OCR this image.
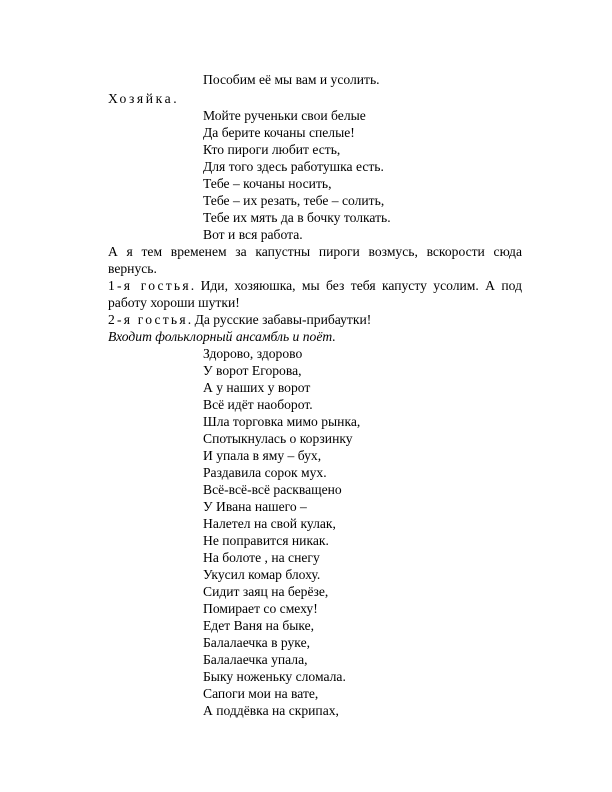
Пособим её мы вам и усолить.
Хозяйка.
Мойте рученьки свои белые
Да берите кочаны спелые!
Кто пироги любит есть,
Для того здесь работушка есть.
Тебе – кочаны носить,
Тебе – их резать, тебе – солить,
Тебе их мять да в бочку толкать.
Вот и вся работа.
А я тем временем за капустны пироги возмусь, вскорости сюда
вернусь.
1-я гостья. Иди, хозяюшка, мы без тебя капусту усолим. А под
работу хороши шутки!
2-я гостья. Да русские забавы-прибаутки!
Входит фольклорный ансамбль и поёт.
Здорово, здорово
У ворот Егорова,
А у наших у ворот
Всё идёт наоборот.
Шла торговка мимо рынка,
Спотыкнулась о корзинку
И упала в яму – бух,
Раздавила сорок мух.
Всё-всё-всё раскващено
У Ивана нашего –
Налетел на свой кулак,
Не поправится никак.
На болоте , на снегу
Укусил комар блоху.
Сидит заяц на берёзе,
Помирает со смеху!
Едет Ваня на быке,
Балалаечка в руке,
Балалаечка упала,
Быку ноженьку сломала.
Сапоги мои на вате,
А поддёвка на скрипах,
